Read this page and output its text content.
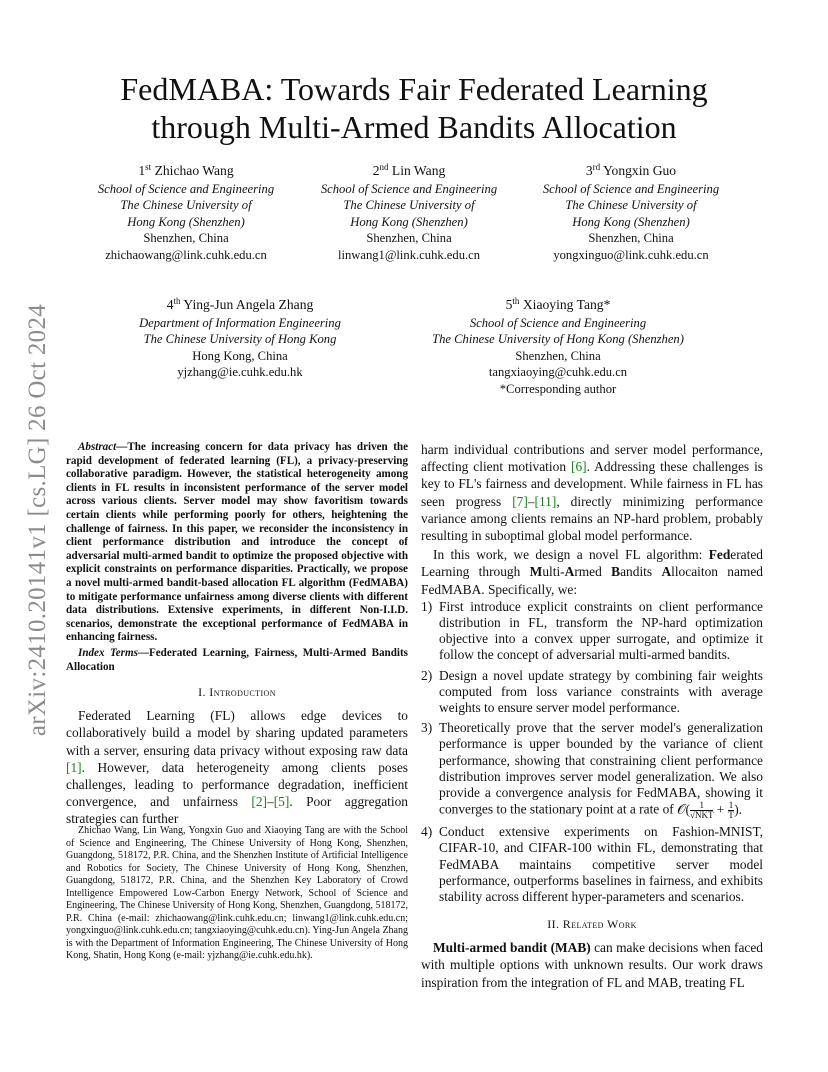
arXiv:2410.20141v1 [cs.LG] 26 Oct 2024
FedMABA: Towards Fair Federated Learning
through Multi-Armed Bandits Allocation
1st Zhichao Wang
School of Science and Engineering
The Chinese University of
Hong Kong (Shenzhen)
Shenzhen, China
zhichaowang@link.cuhk.edu.cn
2nd Lin Wang
School of Science and Engineering
The Chinese University of
Hong Kong (Shenzhen)
Shenzhen, China
linwang1@link.cuhk.edu.cn
3rd Yongxin Guo
School of Science and Engineering
The Chinese University of
Hong Kong (Shenzhen)
Shenzhen, China
yongxinguo@link.cuhk.edu.cn
4th Ying-Jun Angela Zhang
Department of Information Engineering
The Chinese University of Hong Kong
Hong Kong, China
yjzhang@ie.cuhk.edu.hk
5th Xiaoying Tang*
School of Science and Engineering
The Chinese University of Hong Kong (Shenzhen)
Shenzhen, China
tangxiaoying@cuhk.edu.cn
*Corresponding author

Abstract—The increasing concern for data privacy has driven the rapid development of federated learning (FL), a privacy-preserving collaborative paradigm. However, the statistical heterogeneity among clients in FL results in inconsistent performance of the server model across various clients. Server model may show favoritism towards certain clients while performing poorly for others, heightening the challenge of fairness. In this paper, we reconsider the inconsistency in client performance distribution and introduce the concept of adversarial multi-armed bandit to optimize the proposed objective with explicit constraints on performance disparities. Practically, we propose a novel multi-armed bandit-based allocation FL algorithm (FedMABA) to mitigate performance unfairness among diverse clients with different data distributions. Extensive experiments, in different Non-I.I.D. scenarios, demonstrate the exceptional performance of FedMABA in enhancing fairness.

Index Terms—Federated Learning, Fairness, Multi-Armed Bandits Allocation

I. Introduction

Federated Learning (FL) allows edge devices to collaboratively build a model by sharing updated parameters with a server, ensuring data privacy without exposing raw data [1]. However, data heterogeneity among clients poses challenges, leading to performance degradation, inefficient convergence, and unfairness [2]–[5]. Poor aggregation strategies can further

Zhichao Wang, Lin Wang, Yongxin Guo and Xiaoying Tang are with the School of Science and Engineering, The Chinese University of Hong Kong, Shenzhen, Guangdong, 518172, P.R. China, and the Shenzhen Institute of Artificial Intelligence and Robotics for Society, The Chinese University of Hong Kong, Shenzhen, Guangdong, 518172, P.R. China, and the Shenzhen Key Laboratory of Crowd Intelligence Empowered Low-Carbon Energy Network, School of Science and Engineering, The Chinese University of Hong Kong, Shenzhen, Guangdong, 518172, P.R. China (e-mail: zhichaowang@link.cuhk.edu.cn; linwang1@link.cuhk.edu.cn; yongxinguo@link.cuhk.edu.cn; tangxiaoying@cuhk.edu.cn). Ying-Jun Angela Zhang is with the Department of Information Engineering, The Chinese University of Hong Kong, Shatin, Hong Kong (e-mail: yjzhang@ie.cuhk.edu.hk).

harm individual contributions and server model performance, affecting client motivation [6]. Addressing these challenges is key to FL's fairness and development. While fairness in FL has seen progress [7]–[11], directly minimizing performance variance among clients remains an NP-hard problem, probably resulting in suboptimal global model performance.

In this work, we design a novel FL algorithm: Federated Learning through Multi-Armed Bandits Allocaiton named FedMABA. Specifically, we:

1) First introduce explicit constraints on client performance distribution in FL, transform the NP-hard optimization objective into a convex upper surrogate, and optimize it follow the concept of adversarial multi-armed bandits.
2) Design a novel update strategy by combining fair weights computed from loss variance constraints with average weights to ensure server model performance.
3) Theoretically prove that the server model's generalization performance is upper bounded by the variance of client performance, showing that constraining client performance distribution improves server model generalization. We also provide a convergence analysis for FedMABA, showing it converges to the stationary point at a rate of 𝒪( $\frac{1}{\text{√NKT}} + \frac{1}{T}$ ).
4) Conduct extensive experiments on Fashion-MNIST, CIFAR-10, and CIFAR-100 within FL, demonstrating that FedMABA maintains competitive server model performance, outperforms baselines in fairness, and exhibits stability across different hyper-parameters and scenarios.
II. Related Work

Multi-armed bandit (MAB) can make decisions when faced with multiple options with unknown results. Our work draws inspiration from the integration of FL and MAB, treating FL
